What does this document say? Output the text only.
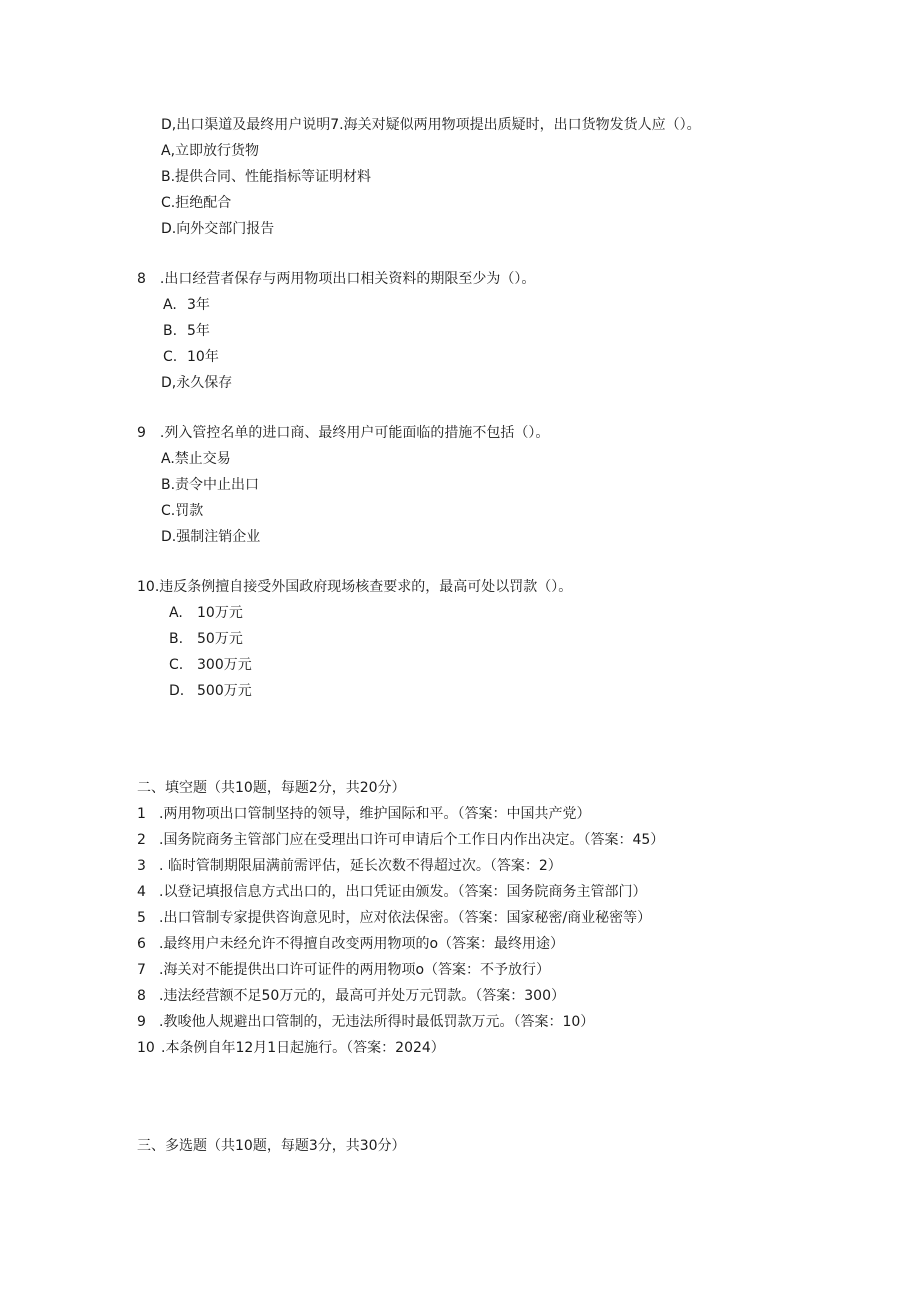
D,出口渠道及最终用户说明7.海关对疑似两用物项提出质疑时，出口货物发货人应（）。
A,立即放行货物
B.提供合同、性能指标等证明材料
C.拒绝配合
D.向外交部门报告
8 .出口经营者保存与两用物项出口相关资料的期限至少为（）。
A. 3年
B. 5年
C. 10年
D,永久保存
9 .列入管控名单的进口商、最终用户可能面临的措施不包括（）。
A.禁止交易
B.责令中止出口
C.罚款
D.强制注销企业
10.违反条例擅自接受外国政府现场核查要求的，最高可处以罚款（）。
A.	10万元
B. 50万元
C. 300万元
D. 500万元
二、填空题（共10题，每题2分，共20分）
1 .两用物项出口管制坚持的领导，维护国际和平。（答案：中国共产党）
2 .国务院商务主管部门应在受理出口许可申请后个工作日内作出决定。（答案：45）
3 . 临时管制期限届满前需评估，延长次数不得超过次。（答案：2）
4 .以登记填报信息方式出口的，出口凭证由颁发。（答案：国务院商务主管部门）
5 .出口管制专家提供咨询意见时，应对依法保密。（答案：国家秘密/商业秘密等）
6 .最终用户未经允许不得擅自改变两用物项的o（答案：最终用途）
7 .海关对不能提供出口许可证件的两用物项o（答案：不予放行）
8 .违法经营额不足50万元的，最高可并处万元罚款。（答案：300）
9 .教唆他人规避出口管制的，无违法所得时最低罚款万元。（答案：10）
10 .本条例自年12月1日起施行。（答案：2024）
三、多选题（共10题，每题3分，共30分）
